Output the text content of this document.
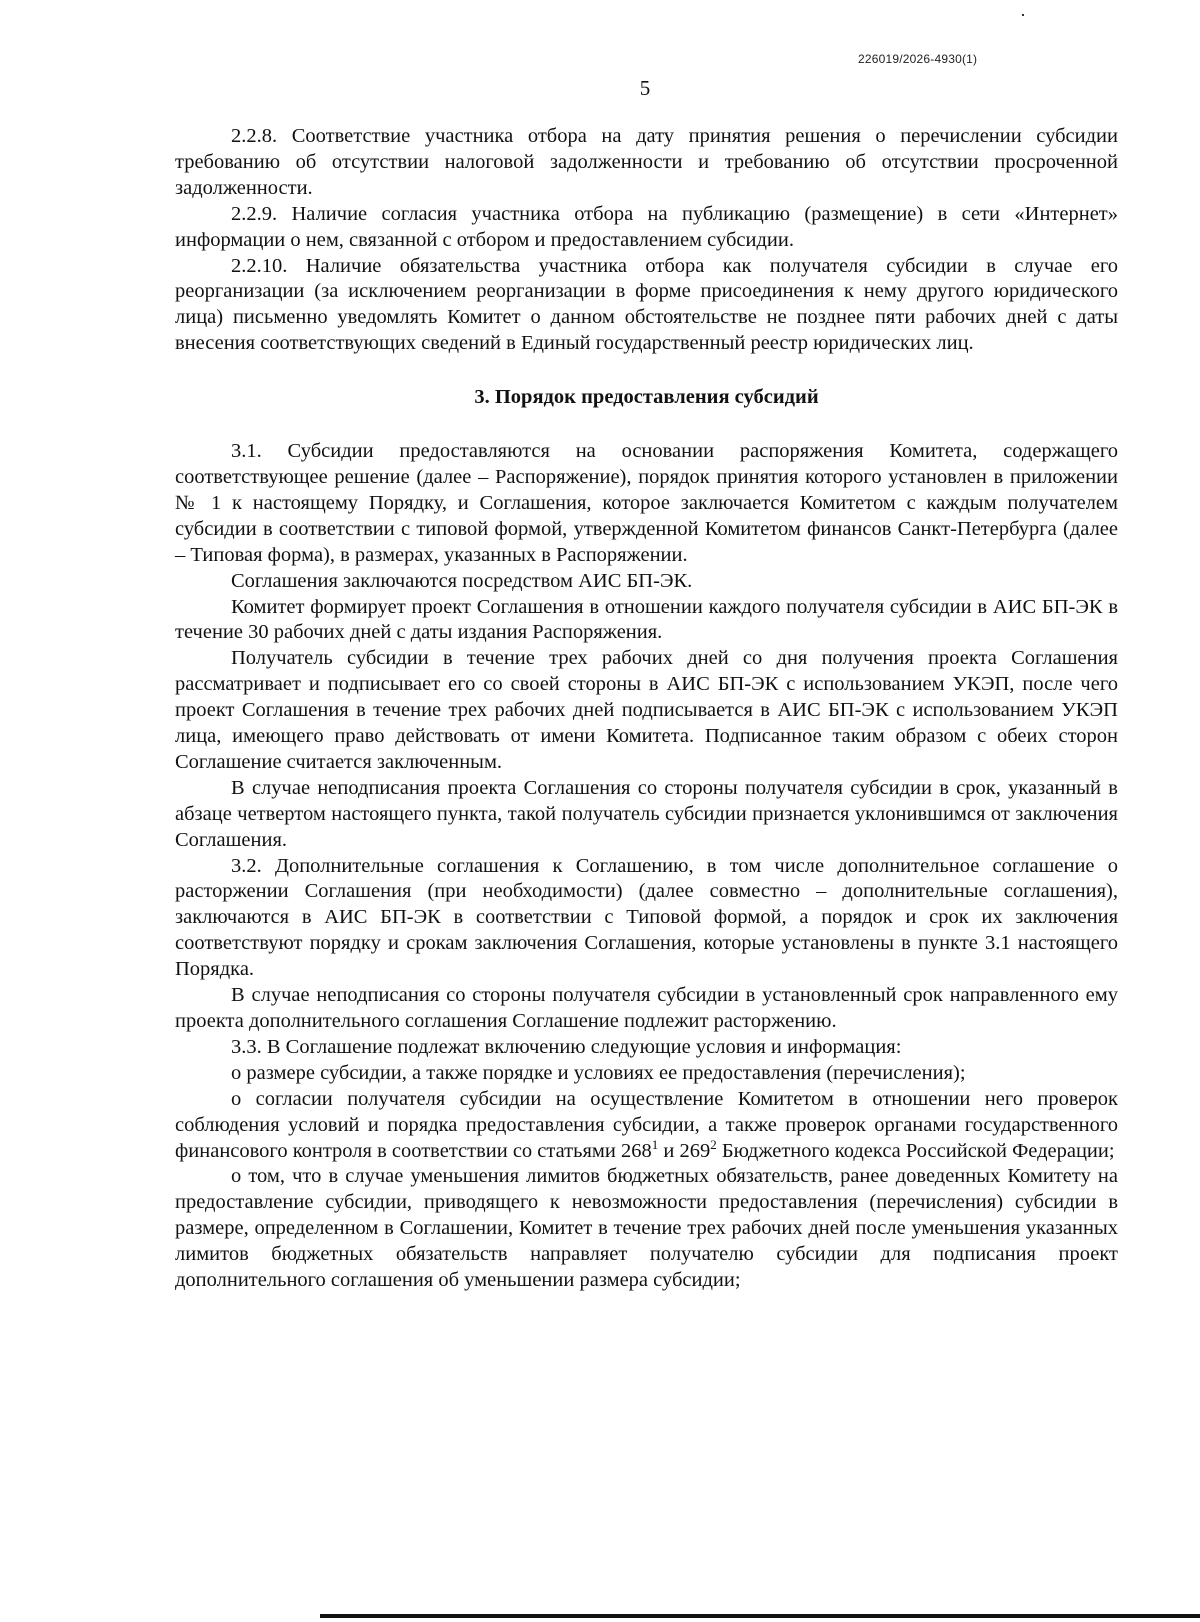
226019/2026-4930(1)
5

2.2.8. Соответствие участника отбора на дату принятия решения о перечислении субсидии требованию об отсутствии налоговой задолженности и требованию об отсутствии просроченной задолженности.

2.2.9. Наличие согласия участника отбора на публикацию (размещение) в сети «Интернет» информации о нем, связанной с отбором и предоставлением субсидии.

2.2.10. Наличие обязательства участника отбора как получателя субсидии в случае его реорганизации (за исключением реорганизации в форме присоединения к нему другого юридического лица) письменно уведомлять Комитет о данном обстоятельстве не позднее пяти рабочих дней с даты внесения соответствующих сведений в Единый государственный реестр юридических лиц.

3. Порядок предоставления субсидий

3.1. Субсидии предоставляются на основании распоряжения Комитета, содержащего соответствующее решение (далее – Распоряжение), порядок принятия которого установлен в приложении № 1 к настоящему Порядку, и Соглашения, которое заключается Комитетом с каждым получателем субсидии в соответствии с типовой формой, утвержденной Комитетом финансов Санкт-Петербурга (далее – Типовая форма), в размерах, указанных в Распоряжении.

Соглашения заключаются посредством АИС БП-ЭК.

Комитет формирует проект Соглашения в отношении каждого получателя субсидии в АИС БП-ЭК в течение 30 рабочих дней с даты издания Распоряжения.

Получатель субсидии в течение трех рабочих дней со дня получения проекта Соглашения рассматривает и подписывает его со своей стороны в АИС БП-ЭК с использованием УКЭП, после чего проект Соглашения в течение трех рабочих дней подписывается в АИС БП-ЭК с использованием УКЭП лица, имеющего право действовать от имени Комитета. Подписанное таким образом с обеих сторон Соглашение считается заключенным.

В случае неподписания проекта Соглашения со стороны получателя субсидии в срок, указанный в абзаце четвертом настоящего пункта, такой получатель субсидии признается уклонившимся от заключения Соглашения.

3.2. Дополнительные соглашения к Соглашению, в том числе дополнительное соглашение о расторжении Соглашения (при необходимости) (далее совместно – дополнительные соглашения), заключаются в АИС БП-ЭК в соответствии с Типовой формой, а порядок и срок их заключения соответствуют порядку и срокам заключения Соглашения, которые установлены в пункте 3.1 настоящего Порядка.

В случае неподписания со стороны получателя субсидии в установленный срок направленного ему проекта дополнительного соглашения Соглашение подлежит расторжению.

3.3. В Соглашение подлежат включению следующие условия и информация:

о размере субсидии, а также порядке и условиях ее предоставления (перечисления);

о согласии получателя субсидии на осуществление Комитетом в отношении него проверок соблюдения условий и порядка предоставления субсидии, а также проверок органами государственного финансового контроля в соответствии со статьями $268^1$ и $269^2$ Бюджетного кодекса Российской Федерации;

о том, что в случае уменьшения лимитов бюджетных обязательств, ранее доведенных Комитету на предоставление субсидии, приводящего к невозможности предоставления (перечисления) субсидии в размере, определенном в Соглашении, Комитет в течение трех рабочих дней после уменьшения указанных лимитов бюджетных обязательств направляет получателю субсидии для подписания проект дополнительного соглашения об уменьшении размера субсидии;
